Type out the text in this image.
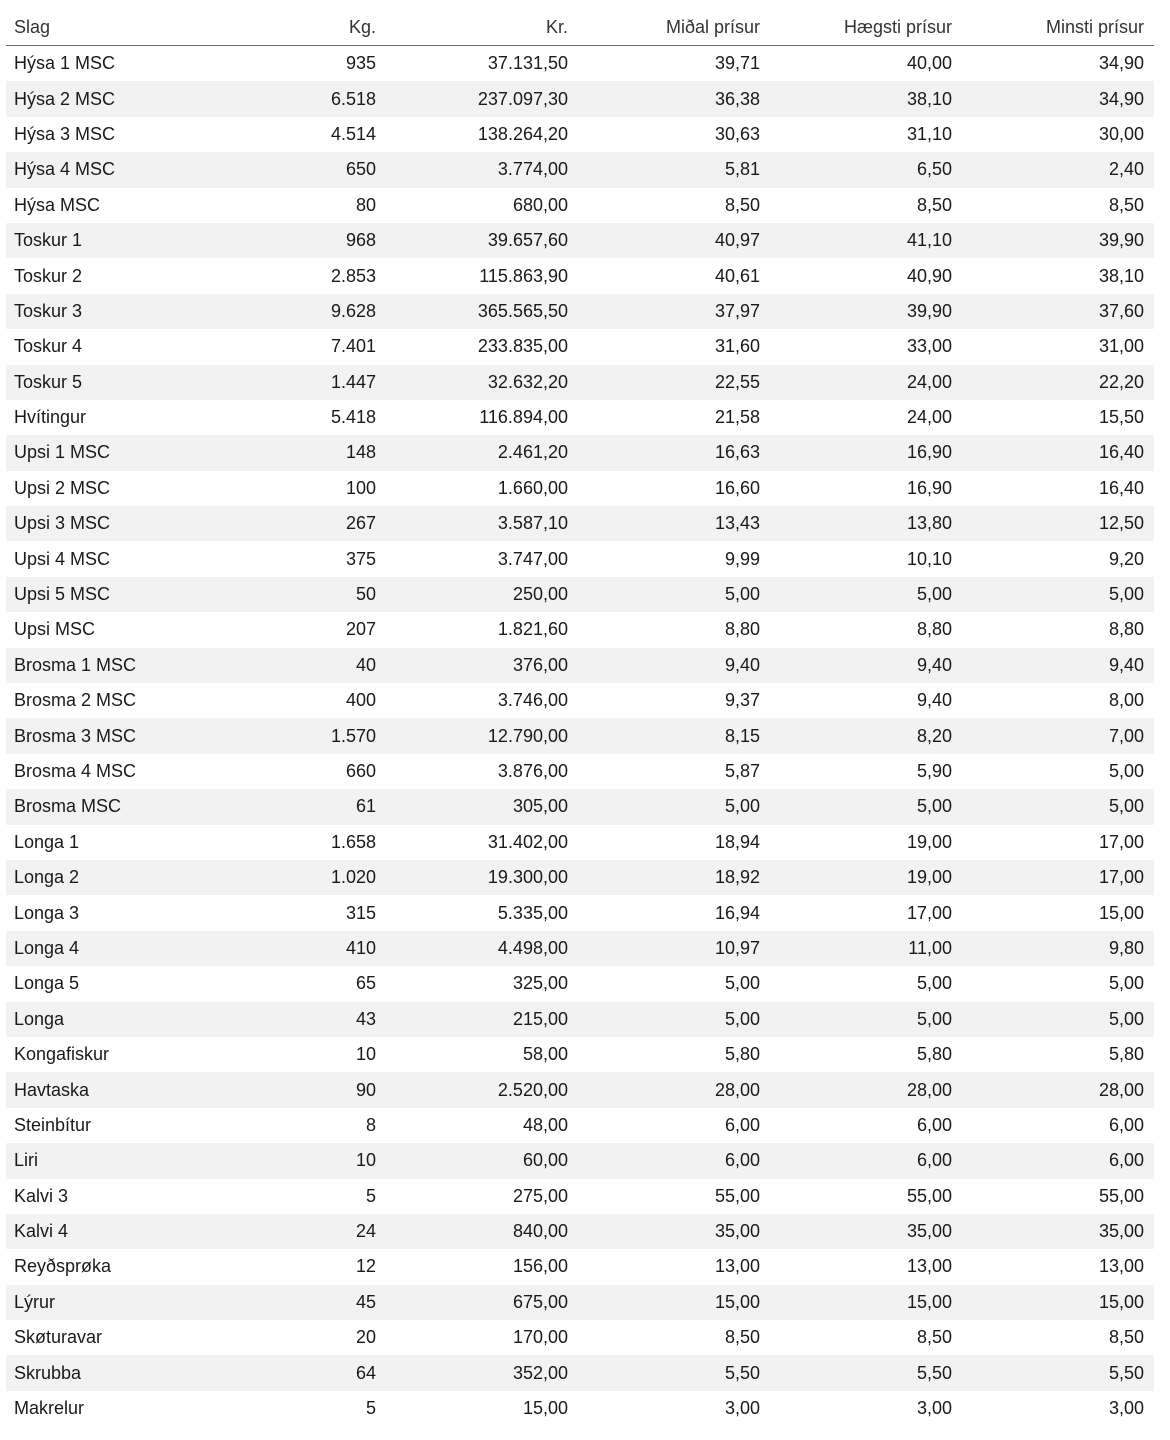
Slag	Kg.	Kr.	Miðal prísur	Hægsti prísur	Minsti prísur
Hýsa 1 MSC	935	37.131,50	39,71	40,00	34,90
Hýsa 2 MSC	6.518	237.097,30	36,38	38,10	34,90
Hýsa 3 MSC	4.514	138.264,20	30,63	31,10	30,00
Hýsa 4 MSC	650	3.774,00	5,81	6,50	2,40
Hýsa MSC	80	680,00	8,50	8,50	8,50
Toskur 1	968	39.657,60	40,97	41,10	39,90
Toskur 2	2.853	115.863,90	40,61	40,90	38,10
Toskur 3	9.628	365.565,50	37,97	39,90	37,60
Toskur 4	7.401	233.835,00	31,60	33,00	31,00
Toskur 5	1.447	32.632,20	22,55	24,00	22,20
Hvítingur	5.418	116.894,00	21,58	24,00	15,50
Upsi 1 MSC	148	2.461,20	16,63	16,90	16,40
Upsi 2 MSC	100	1.660,00	16,60	16,90	16,40
Upsi 3 MSC	267	3.587,10	13,43	13,80	12,50
Upsi 4 MSC	375	3.747,00	9,99	10,10	9,20
Upsi 5 MSC	50	250,00	5,00	5,00	5,00
Upsi MSC	207	1.821,60	8,80	8,80	8,80
Brosma 1 MSC	40	376,00	9,40	9,40	9,40
Brosma 2 MSC	400	3.746,00	9,37	9,40	8,00
Brosma 3 MSC	1.570	12.790,00	8,15	8,20	7,00
Brosma 4 MSC	660	3.876,00	5,87	5,90	5,00
Brosma MSC	61	305,00	5,00	5,00	5,00
Longa 1	1.658	31.402,00	18,94	19,00	17,00
Longa 2	1.020	19.300,00	18,92	19,00	17,00
Longa 3	315	5.335,00	16,94	17,00	15,00
Longa 4	410	4.498,00	10,97	11,00	9,80
Longa 5	65	325,00	5,00	5,00	5,00
Longa	43	215,00	5,00	5,00	5,00
Kongafiskur	10	58,00	5,80	5,80	5,80
Havtaska	90	2.520,00	28,00	28,00	28,00
Steinbítur	8	48,00	6,00	6,00	6,00
Liri	10	60,00	6,00	6,00	6,00
Kalvi 3	5	275,00	55,00	55,00	55,00
Kalvi 4	24	840,00	35,00	35,00	35,00
Reyðsprøka	12	156,00	13,00	13,00	13,00
Lýrur	45	675,00	15,00	15,00	15,00
Skøturavar	20	170,00	8,50	8,50	8,50
Skrubba	64	352,00	5,50	5,50	5,50
Makrelur	5	15,00	3,00	3,00	3,00
